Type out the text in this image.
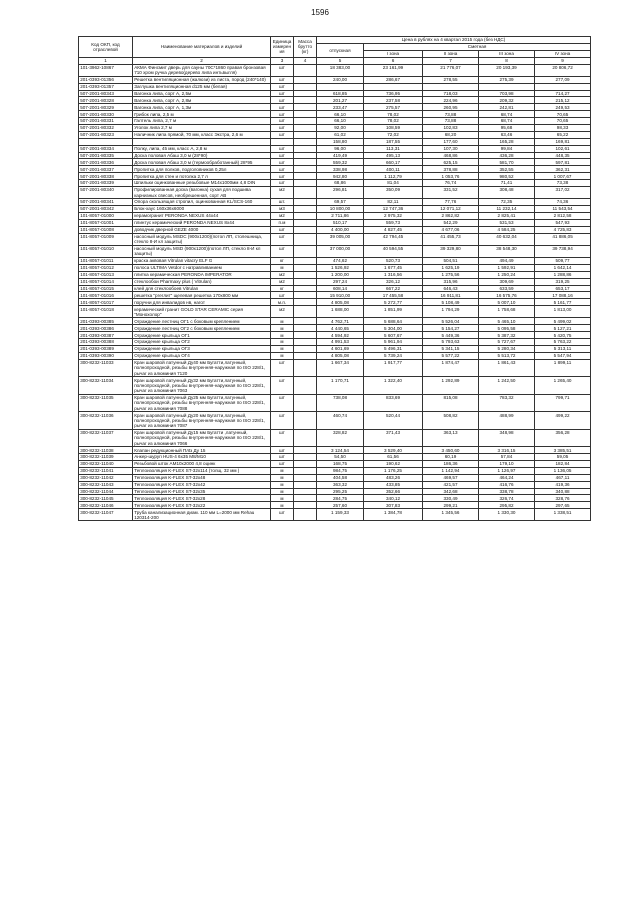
1596
Код ОКП, код отраслевой	Наименование материалов и изделий	Единица измерения	Масса брутто (кг)	Цена в рублях на 4 квартал 2015 года (без НДС)				
				отпускная	Сметная			
					I зона	II зона	III зона	IV зона
1	2	3	4	5	6	7	8	9
101-3962-10867	АКМА Финсмит дверь для сауны 70С*1860 правая бронзовая 710 хром ручка дерево(дерево липа интьвыгля)	шт		18 383,00	23 161,99	21 776,07	20 193,39	20 806,72
201-0393-01356	Решетка вентиляционная (жалюзи) из листа, пород (240*140)	шт		240,00	286,67	278,55	275,39	277,09
201-0393-01357	Заглушка вентиляционная d125 мм (белая)	шт						
507-2001-80343	Вагонка липа, сорт А, 2,5м	шт		618,85	736,95	718,03	703,98	714,27
507-2001-80328	Вагонка липа, сорт А, 2,8м	шт		201,27	237,58	224,96	209,32	215,12
507-2001-80329	Вагонка липа, сорт А, 1,3м	шт		233,47	275,57	260,95	242,81	249,53
507-2001-80330	Грибок липа, 2,5 м	шт		66,10	78,02	73,88	68,74	70,65
507-2001-80331	Галтель липа, 2,7 м	шт		66,10	78,02	73,88	68,74	70,65
507-2001-80332	Уголок липа 2,7 м	шт		92,00	108,59	102,83	95,68	98,33
507-2001-80323	Наличник липа прямой, 70 мм, класс Экстра, 2,6 м	шт		61,02	72,02	68,20	63,46	65,22
				158,80	187,55	177,60	165,28	169,81
507-2001-80334	Полку, липа, 45 мм, класс А, 2,8 м	шт		96,00	113,31	107,30	99,84	102,61
507-2001-80335	Доска половая Абаш 3,0 м (28*90)	шт		419,49	495,13	468,86	436,28	448,35
507-2001-80336	Доска половая Абаш 3,0 м (термообработанный) 28*95	шт		559,32	660,17	625,15	581,70	597,81
507-2001-80337	Пропитка для полков, подголовников 0,25л	шт		338,98	400,11	378,88	352,55	362,31
507-2001-80338	Пропитка для стен и потолка 2,7 л	шт		942,80	1 112,79	1 053,76	980,52	1 007,67
507-2001-80339	Шпильки оцинкованные резьбовые М14х1000мм 4,8 DIN	шт		68,86	81,04	76,74	71,41	73,38
507-2001-80340	Профилированная доска (вагонка) сухая для подшива карнизных свесов, необрешенная, сорт АВ	м2		296,81	350,09	331,52	308,48	317,02
507-2001-80341	Опора скользящая стропил, оцинкованная KL/SCS-160	шт.		69,57	82,11	77,76	72,35	74,36
507-2001-80342	Блок-хаус 160х36х6000	м3		10 800,00	12 747,36	12 071,12	11 232,14	11 543,54
101-8057-01000	керамогранит PERONDA NEXUS 44х44	м2		2 711,86	2 975,32	2 862,82	2 825,41	2 812,58
101-8057-01001	плинтус керамический PERONDA NEXUS 8х44	п.м		510,17	559,73	542,29	531,53	547,93
101-8057-01008	доводчик дверной GEZE 4000	шт		4 400,00	4 827,45	4 677,06	4 584,25	4 725,83
101-8057-01009	насосный модуль MSDC (900х1200)(потол ЛП, столешница, стекло 8-И кл защиты)	шт		39 005,00	42 794,45	41 455,73	40 632,04	41 886,05
101-8057-01010	насосный модуль MSD (900х1200)(потол ЛП, стекло 8-И кл защиты)	шт		37 000,00	40 594,55	39 329,80	38 548,30	39 738,94
101-8057-01011	краска аквовая Vitrulan vitacry ELF G	кг		474,62	520,73	504,51	494,49	509,77
101-8057-01012	полоса ULTIMA Vetdor с натравливанием	м		1 526,92	1 677,45	1 625,19	1 592,91	1 642,14
101-8057-01013	плитка керамическая PERONDA IMPERATOR	м2		1 200,00	1 316,56	1 275,56	1 250,24	1 288,86
101-8057-01014	стеклообои Pharmaxy plus ( Vitrulan)	м2		297,24	326,12	315,96	309,69	319,25
101-8057-01015	клей для стеклообоев Vitrulan	кг		608,14	667,22	646,43	633,59	653,17
101-8057-01016	решетка "ргеглит" щелевая решетка 170х800 мм	шт		15 910,00	17 455,58	16 911,81	16 575,76	17 088,16
101-8057-01017	поручни для инвалидов нв, нагот	м.п.		4 805,08	5 272,77	5 108,49	5 007,10	5 161,77
101-8057-01018	керамический гранит GOLD STAR CERAMIC серия "Монохолор"	м2		1 688,00	1 851,99	1 794,29	1 758,68	1 813,00
201-0393-00385	Ограждение лестниц ОГ1 с боковым креплением	м		4 762,71	5 688,64	5 526,04	5 465,10	5 499,02
201-0393-00386	Ограждение лестниц ОГ2 с боковым креплением	м		4 440,65	5 304,00	5 154,27	5 095,58	5 127,21
201-0393-00387	Ограждение крыльца ОГ1	м		4 594,92	5 607,67	5 449,36	5 387,32	5 420,75
201-0393-00388	Ограждение крыльца ОГ2	м		4 991,53	5 961,94	5 793,63	5 727,67	5 763,22
201-0393-00389	Ограждение крыльца ОГ3	м		4 601,69	5 496,31	5 341,15	5 280,34	5 313,11
201-0393-00390	Ограждение крыльца ОГ4	м		4 805,08	5 739,24	5 577,22	5 513,72	5 547,94
300-8232-11033	Кран шаровой латунный Ду40 мм Бугатти,латунный, полнопроходной, резьбы внутренняя-наружная по ISO 228/1, рычаг из алюминия 7120	шт		1 667,34	1 917,77	1 874,47	1 861,43	1 899,11
300-8232-11034	Кран шаровой латунный Ду32 мм Бугатти,латунный, полнопроходной, резьбы внутренняя-наружная по ISO 228/1, рычаг из алюминия 7063	шт		1 170,71	1 322,40	1 292,89	1 242,50	1 265,40
300-8232-11035	Кран шаровой латунный Ду25 мм Бугатти,латунный, полнопроходной, резьбы внутренняя-наружная по ISO 228/1, рычаг из алюминия 7088	шт		738,08	833,69	815,08	783,32	799,71
300-8232-11036	Кран шаровой латунный Ду20 мм Бугатти,латунный, полнопроходной, резьбы внутренняя-наружная по ISO 228/1, рычаг из алюминия 7087	шт		460,74	520,44	508,82	488,99	499,22
300-8232-11037	Кран шаровой латунный Ду15 мм Бугатти ,латунный, полнопроходной, резьбы внутренняя-наружная по ISO 228/1, рычаг из алюминия 7066	шт		328,82	371,43	363,13	348,98	356,28
300-8232-11038	Клапан редукционный Плtз Ду 15	шт		3 124,54	3 529,40	3 450,60	3 316,15	3 385,51
300-8232-11039	Анкер-шуруп HUS-4 6х35 M8/M10	шт		54,50	61,56	60,19	57,84	59,05
300-8232-11040	Резьбовой шток AM10х2000 4,8 оцинк	шт		168,75	190,62	186,36	179,10	182,84
300-8232-11041	Теплоизоляция K-FLEX ST-32х114 (толщ. 32 мм )	м		984,75	1 176,25	1 142,94	1 126,97	1 136,05
300-8232-11042	Теплоизоляция K-FLEX ST-32х48	м		404,58	483,26	469,57	464,24	467,11
300-8232-11043	Теплоизоляция K-FLEX ST-32х42	м		363,32	433,85	421,57	416,76	419,36
300-8232-11044	Теплоизоляция K-FLEX ST-32х35	м		295,25	352,66	342,68	338,78	340,88
300-8232-11045	Теплоизоляция K-FLEX ST-32х28	м		284,75	340,12	330,49	326,74	328,76
300-8232-11046	Теплоизоляция K-FLEX ST-32х22	м		257,60	307,83	299,21	295,82	297,65
300-8232-11047	Труба канализационная диам. 110 мм L=2000 мм Rehau 120314-200	шт		1 159,33	1 384,78	1 345,56	1 330,30	1 338,51
